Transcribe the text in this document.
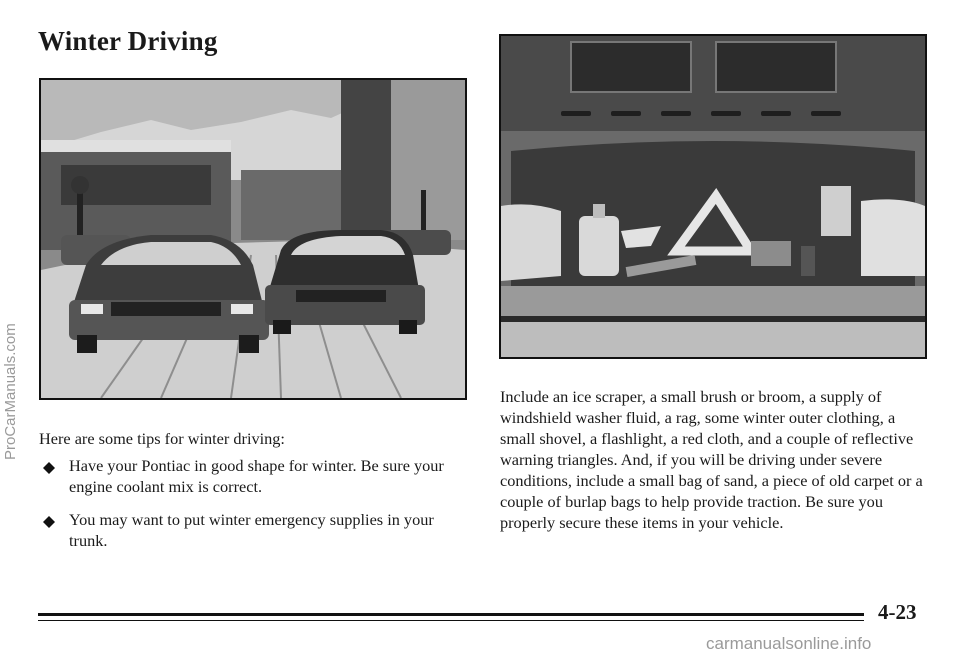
Winter Driving
Here are some tips for winter driving:
Have your Pontiac in good shape for winter. Be sure your engine coolant mix is correct.
You may want to put winter emergency supplies in your trunk.
Include an ice scraper, a small brush or broom, a supply of windshield washer fluid, a rag, some winter outer clothing, a small shovel, a flashlight, a red cloth, and a couple of reflective warning triangles. And, if you will be driving under severe conditions, include a small bag of sand, a piece of old carpet or a couple of burlap bags to help provide traction. Be sure you properly secure these items in your vehicle.
4-23
ProCarManuals.com
carmanualsonline.info
